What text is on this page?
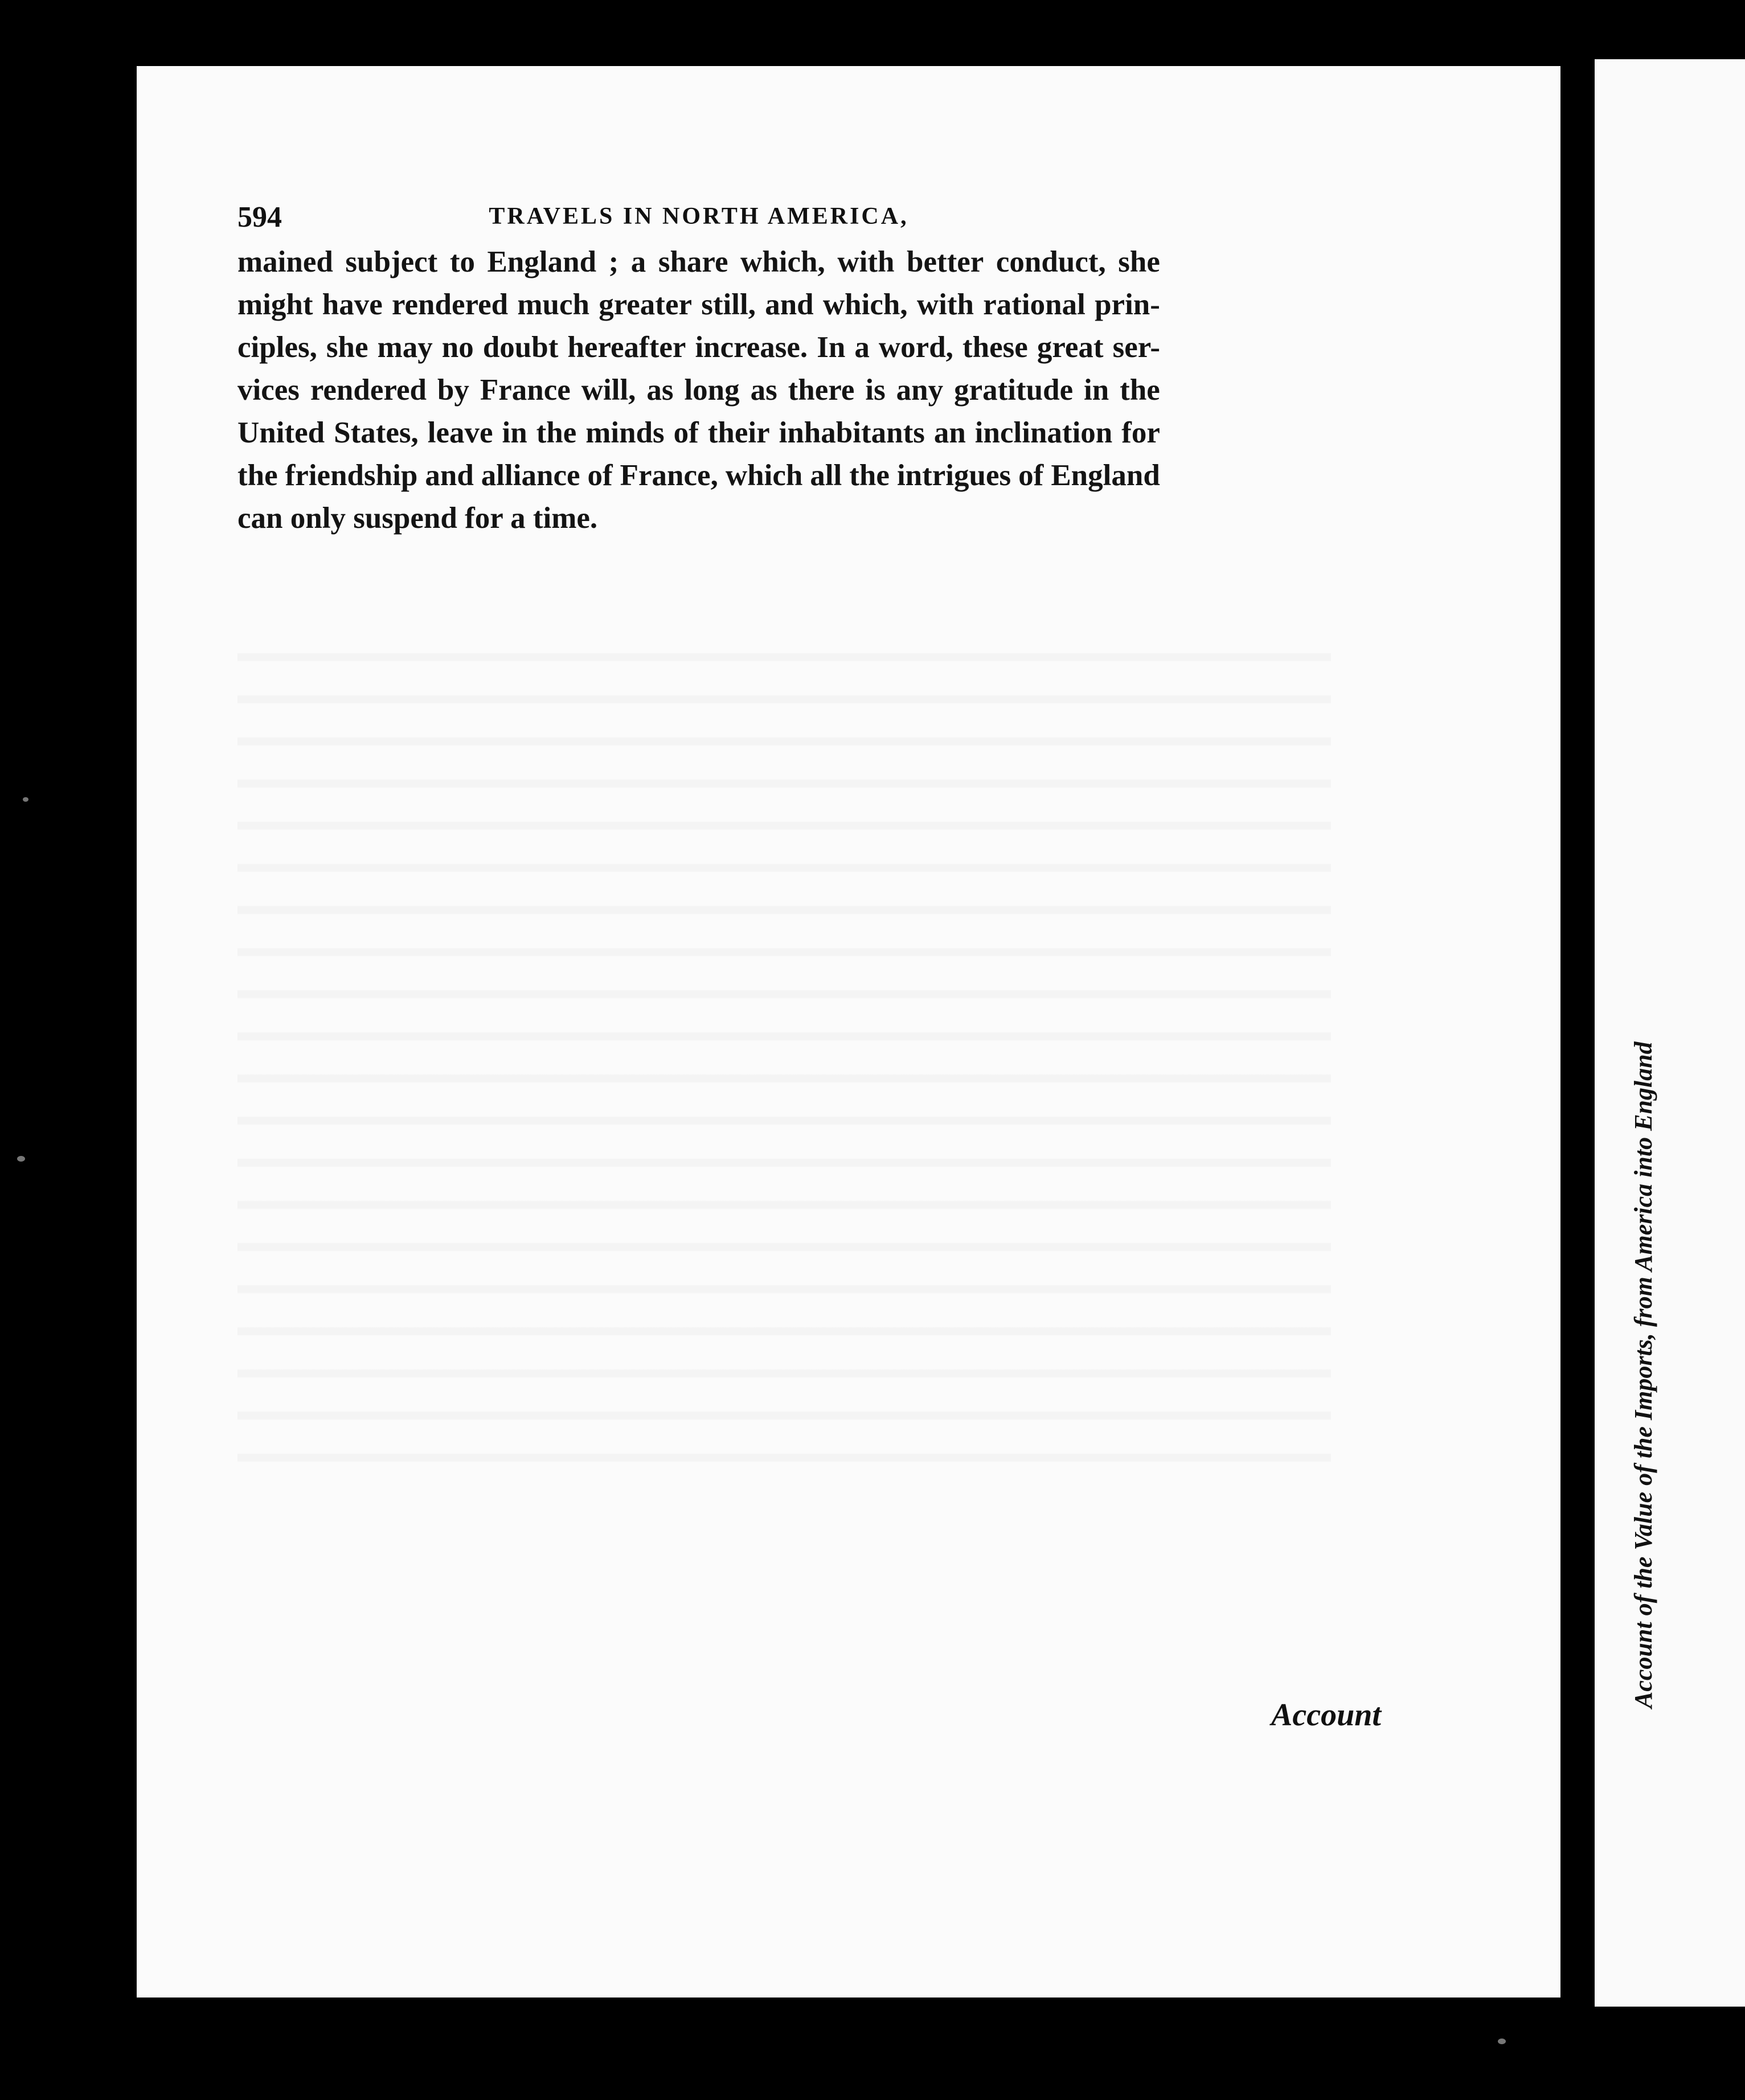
594	TRAVELS IN NORTH AMERICA,
mained subject to England ; a share which, with better conduct, she
might have rendered much greater still, and which, with rational prin-
ciples, she may no doubt hereafter increase. In a word, these great ser-
vices rendered by France will, as long as there is any gratitude in the
United States, leave in the minds of their inhabitants an inclination for
the friendship and alliance of France, which all the intrigues of England
can only suspend for a time.
Account
Account of the Value of the Imports, from America into England
